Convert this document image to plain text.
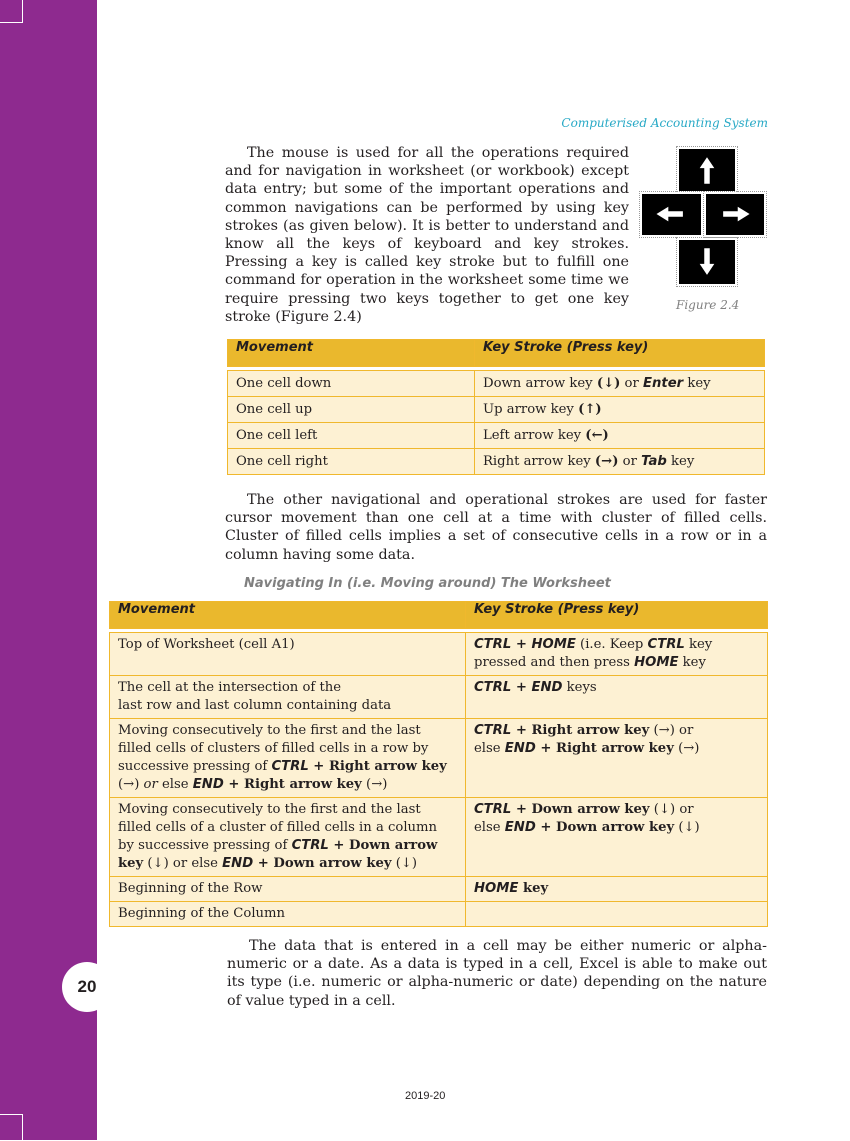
20
Computerised Accounting System
The mouse is used for all the operations required and for navigation in worksheet (or workbook) except data entry; but some of the important operations and common navigations can be performed by using key strokes (as given below). It is better to understand and know all the keys of keyboard and key strokes. Pressing a key is called key stroke but to fulfill one command for operation in the worksheet some time we require pressing two keys together to get one key stroke (Figure 2.4)
Figure 2.4
Movement	Key Stroke (Press key)

One cell down	Down arrow key (↓) or Enter key
One cell up	Up arrow key (↑)
One cell left	Left arrow key (←)
One cell right	Right arrow key (→) or Tab key
The other navigational and operational strokes are used for faster cursor movement than one cell at a time with cluster of filled cells. Cluster of filled cells implies a set of consecutive cells in a row or in a column having some data.
Navigating In (i.e. Moving around) The Worksheet
Movement	Key Stroke (Press key)

Top of Worksheet (cell A1)	CTRL + HOME (i.e. Keep CTRL key pressed and then press HOME key
The cell at the intersection of the
last row and last column containing data	CTRL + END keys
Moving consecutively to the first and the last filled cells of clusters of filled cells in a row by successive pressing of CTRL + Right arrow key (→) or else END + Right arrow key (→)	CTRL + Right arrow key (→) or
else END + Right arrow key (→)
Moving consecutively to the first and the last filled cells of a cluster of filled cells in a column by successive pressing of CTRL + Down arrow key (↓) or else END + Down arrow key (↓)	CTRL + Down arrow key (↓) or
else END + Down arrow key (↓)
Beginning of the Row	HOME key
Beginning of the Column	
The data that is entered in a cell may be either numeric or alpha-numeric or a date. As a data is typed in a cell, Excel is able to make out its type (i.e. numeric or alpha-numeric or date) depending on the nature of value typed in a cell.
2019-20
